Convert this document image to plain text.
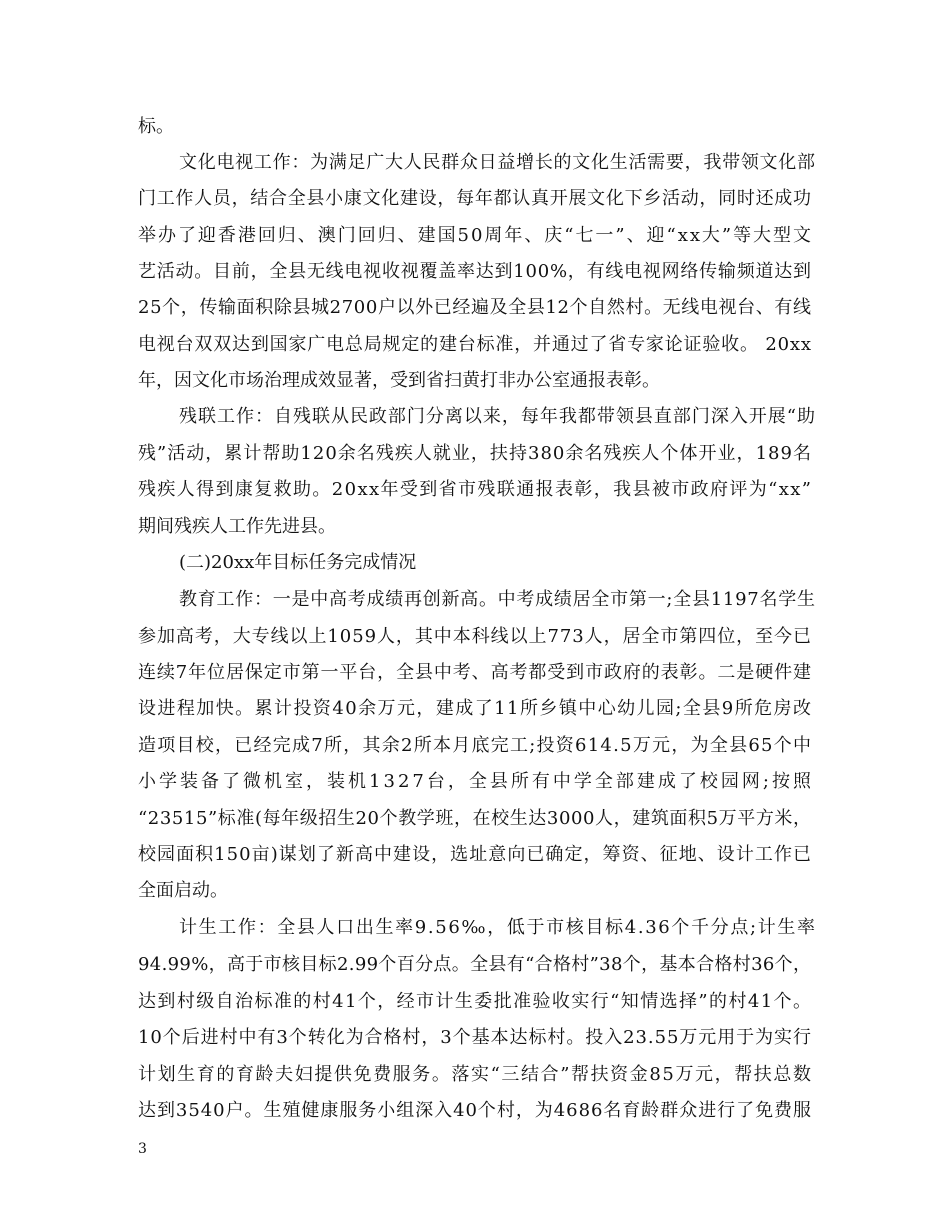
标。
文化电视工作：为满足广大人民群众日益增长的文化生活需要，我带领文化部
门工作人员，结合全县小康文化建设，每年都认真开展文化下乡活动，同时还成功
举办了迎香港回归、澳门回归、建国50周年、庆“七一”、迎“xx大”等大型文
艺活动。目前，全县无线电视收视覆盖率达到100%，有线电视网络传输频道达到
25个，传输面积除县城2700户以外已经遍及全县12个自然村。无线电视台、有线
电视台双双达到国家广电总局规定的建台标准，并通过了省专家论证验收。 20xx
年，因文化市场治理成效显著，受到省扫黄打非办公室通报表彰。
残联工作：自残联从民政部门分离以来，每年我都带领县直部门深入开展“助
残”活动，累计帮助120余名残疾人就业，扶持380余名残疾人个体开业，189名
残疾人得到康复救助。20xx年受到省市残联通报表彰，我县被市政府评为“xx”
期间残疾人工作先进县。
(二)20xx年目标任务完成情况
教育工作：一是中高考成绩再创新高。中考成绩居全市第一;全县1197名学生
参加高考，大专线以上1059人，其中本科线以上773人，居全市第四位，至今已
连续7年位居保定市第一平台，全县中考、高考都受到市政府的表彰。二是硬件建
设进程加快。累计投资40余万元，建成了11所乡镇中心幼儿园;全县9所危房改
造项目校，已经完成7所，其余2所本月底完工;投资614.5万元，为全县65个中
小学装备了微机室，装机1327台，全县所有中学全部建成了校园网;按照
“23515”标准(每年级招生20个教学班，在校生达3000人，建筑面积5万平方米，
校园面积150亩)谋划了新高中建设，选址意向已确定，筹资、征地、设计工作已
全面启动。
计生工作：全县人口出生率9.56‰，低于市核目标4.36个千分点;计生率
94.99%，高于市核目标2.99个百分点。全县有“合格村”38个，基本合格村36个，
达到村级自治标准的村41个，经市计生委批准验收实行“知情选择”的村41个。
10个后进村中有3个转化为合格村，3个基本达标村。投入23.55万元用于为实行
计划生育的育龄夫妇提供免费服务。落实“三结合”帮扶资金85万元，帮扶总数
达到3540户。生殖健康服务小组深入40个村，为4686名育龄群众进行了免费服
3
